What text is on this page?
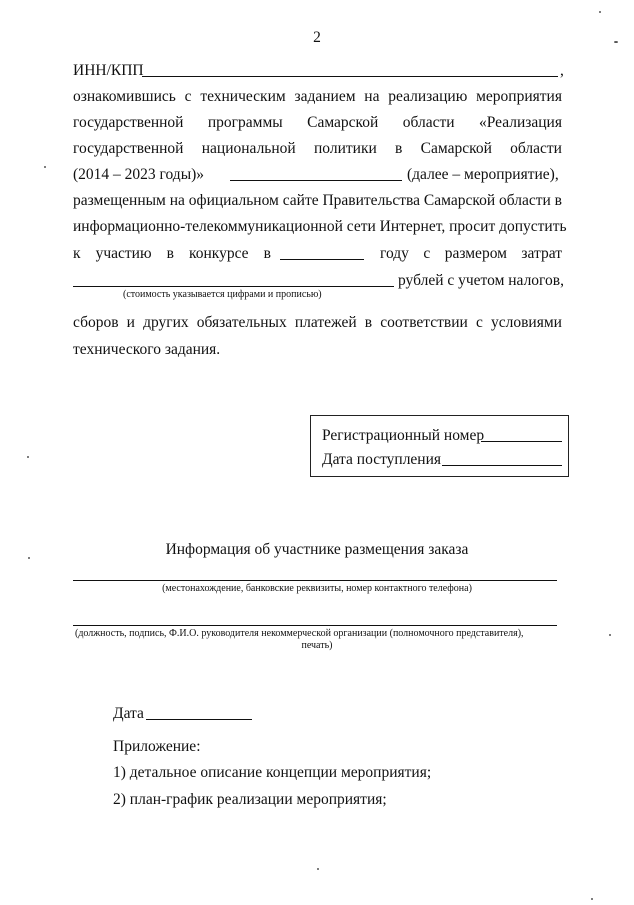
2
ИНН/КПП	,
ознакомившись с техническим заданием на реализацию мероприятия
государственной программы Самарской области «Реализация
государственной национальной политики в Самарской области
(2014 – 2023 годы)»	(далее – мероприятие),
размещенным на официальном сайте Правительства Самарской области в
информационно-телекоммуникационной сети Интернет, просит допустить
к участию в конкурсе в	году с размером затрат
рублей с учетом налогов,
(стоимость указывается цифрами и прописью)
сборов и других обязательных платежей в соответствии с условиями
технического задания.
Регистрационный номер
Дата поступления
Информация об участнике размещения заказа
(местонахождение, банковские реквизиты, номер контактного телефона)
(должность, подпись, Ф.И.О. руководителя некоммерческой организации (полномочного представителя),
печать)
Дата
Приложение:
1) детальное описание концепции мероприятия;
2) план-график реализации мероприятия;
